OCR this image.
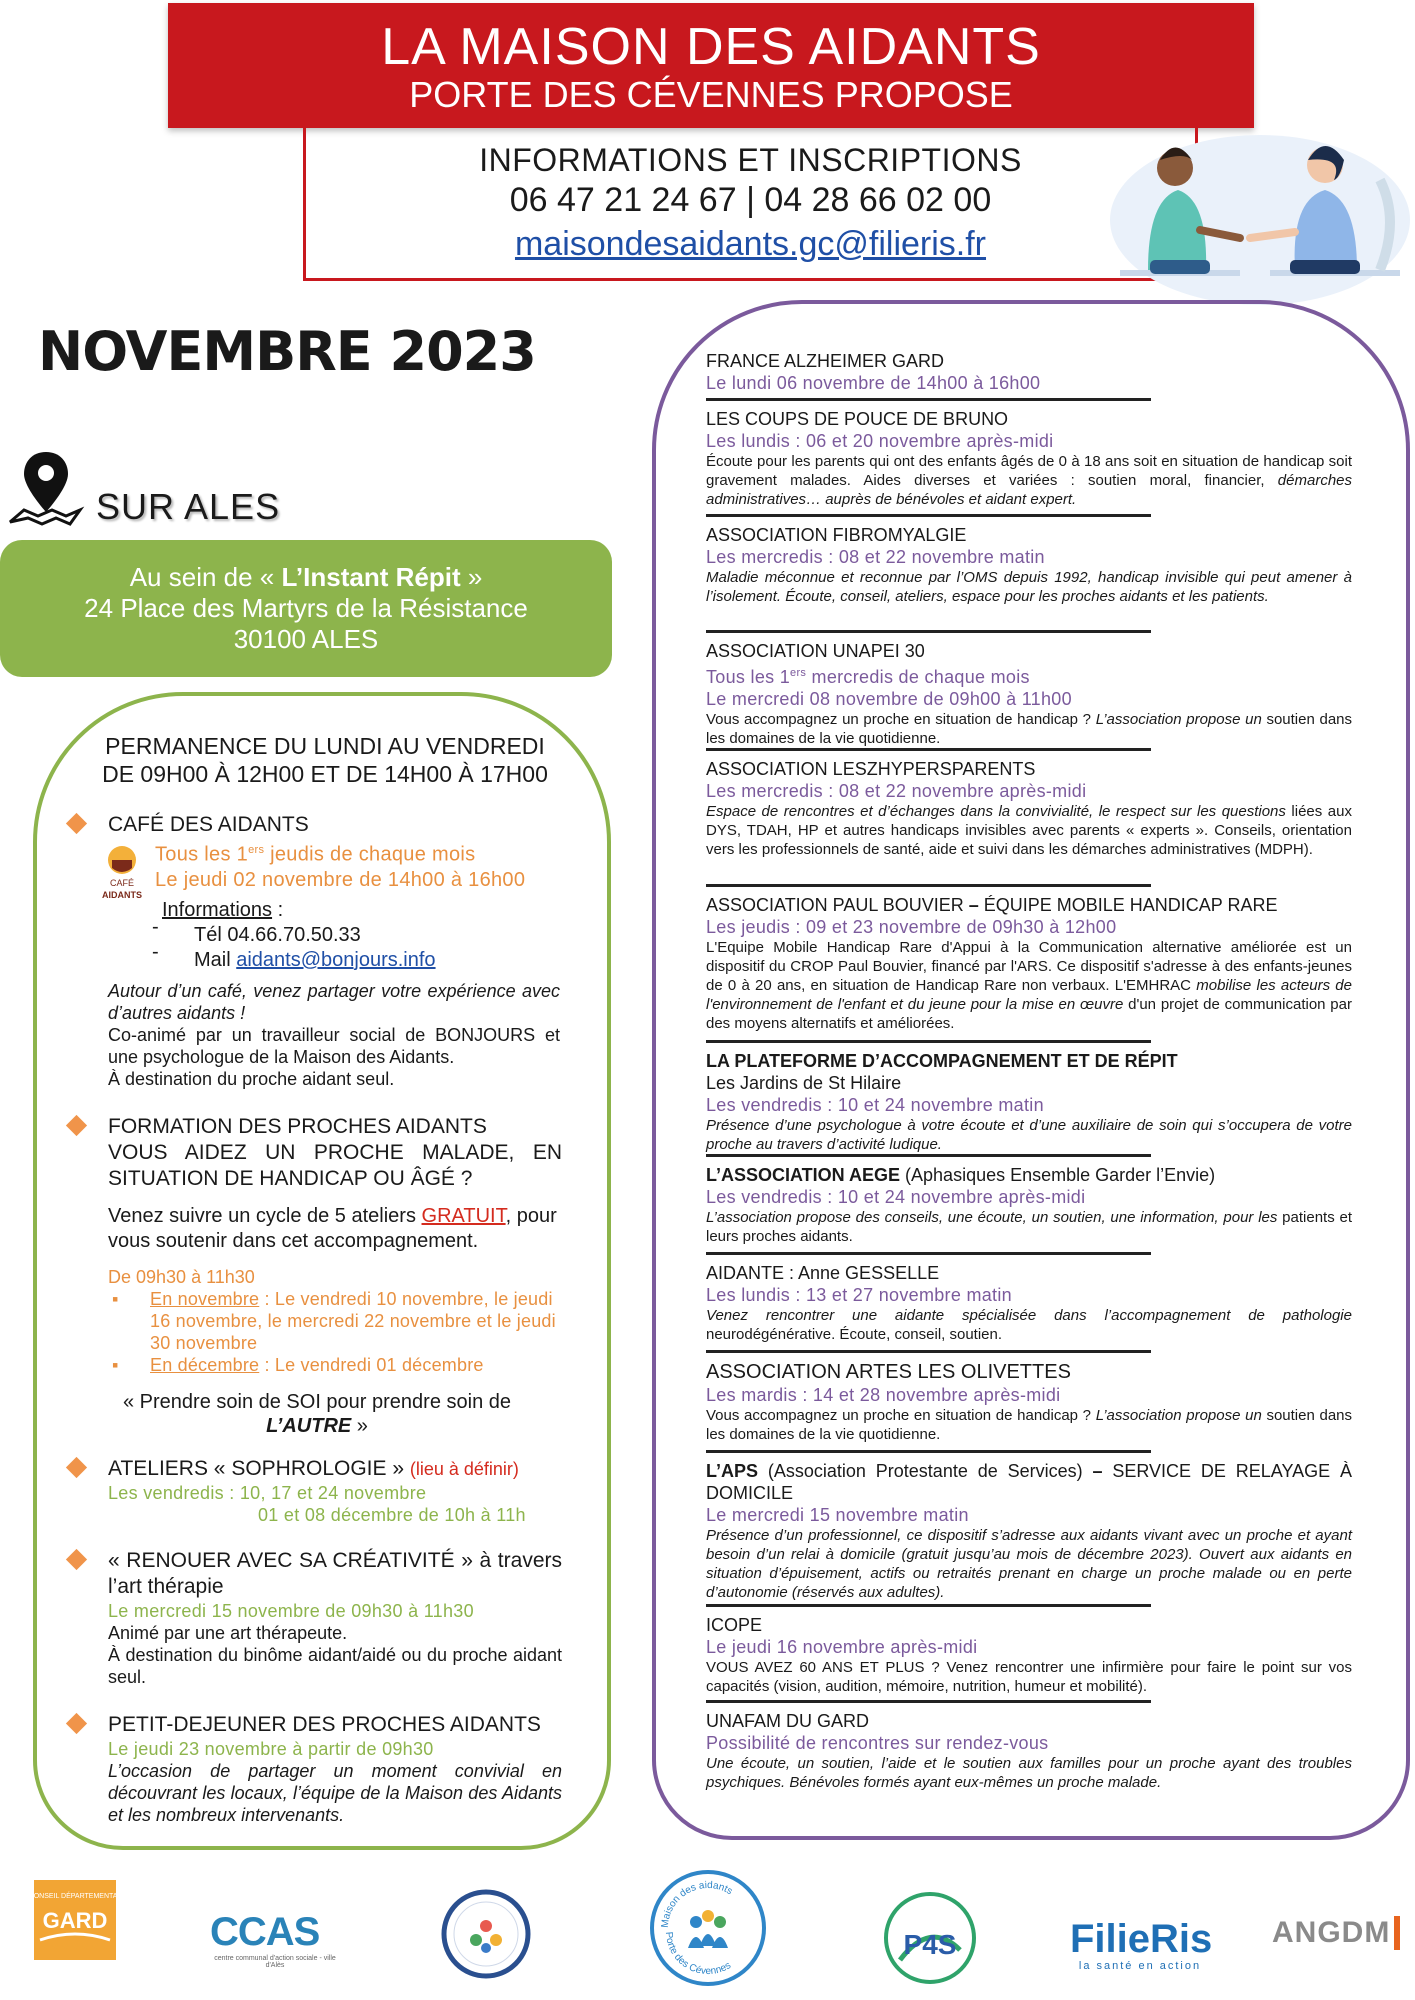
LA MAISON DES AIDANTS
PORTE DES CÉVENNES PROPOSE
INFORMATIONS ET INSCRIPTIONS
06 47 21 24 67 | 04 28 66 02 00
maisondesaidants.gc@filieris.fr
NOVEMBRE 2023
SUR ALES
Au sein de « L’Instant Répit »
24 Place des Martyrs de la Résistance
30100 ALES
PERMANENCE DU LUNDI AU VENDREDI
DE 09H00 À 12H00 ET DE 14H00 À 17H00
CAFÉ DES AIDANTS
CAFÉ
AIDANTS
Tous les 1ers jeudis de chaque mois
Le jeudi 02 novembre de 14h00 à 16h00
Informations :
- Tél 04.66.70.50.33
- Mail aidants@bonjours.info
Autour d’un café, venez partager votre expérience avec d’autres aidants !
Co-animé par un travailleur social de BONJOURS et une psychologue de la Maison des Aidants.
À destination du proche aidant seul.
FORMATION DES PROCHES AIDANTS
VOUS AIDEZ UN PROCHE MALADE, EN SITUATION DE HANDICAP OU ÂGÉ ?
Venez suivre un cycle de 5 ateliers GRATUIT, pour vous soutenir dans cet accompagnement.
De 09h30 à 11h30
▪ En novembre : Le vendredi 10 novembre, le jeudi 16 novembre, le mercredi 22 novembre et le jeudi 30 novembre
▪ En décembre : Le vendredi 01 décembre
« Prendre soin de SOI pour prendre soin de
L’AUTRE »
ATELIERS « SOPHROLOGIE » (lieu à définir)
Les vendredis : 10, 17 et 24 novembre
01 et 08 décembre de 10h à 11h
« RENOUER AVEC SA CRÉATIVITÉ » à travers l’art thérapie
Le mercredi 15 novembre de 09h30 à 11h30
Animé par une art thérapeute.
À destination du binôme aidant/aidé ou du proche aidant seul.
PETIT-DEJEUNER DES PROCHES AIDANTS
Le jeudi 23 novembre à partir de 09h30
L’occasion de partager un moment convivial en découvrant les locaux, l’équipe de la Maison des Aidants et les nombreux intervenants.
FRANCE ALZHEIMER GARD
Le lundi 06 novembre de 14h00 à 16h00
LES COUPS DE POUCE DE BRUNO
Les lundis : 06 et 20 novembre après-midi
Écoute pour les parents qui ont des enfants âgés de 0 à 18 ans soit en situation de handicap soit gravement malades. Aides diverses et variées : soutien moral, financier, démarches administratives… auprès de bénévoles et aidant expert.
ASSOCIATION FIBROMYALGIE
Les mercredis : 08 et 22 novembre matin
Maladie méconnue et reconnue par l’OMS depuis 1992, handicap invisible qui peut amener à l’isolement. Écoute, conseil, ateliers, espace pour les proches aidants et les patients.
ASSOCIATION UNAPEI 30
Tous les 1ers mercredis de chaque mois
Le mercredi 08 novembre de 09h00 à 11h00
Vous accompagnez un proche en situation de handicap ? L’association propose un soutien dans les domaines de la vie quotidienne.
ASSOCIATION LESZHYPERSPARENTS
Les mercredis : 08 et 22 novembre après-midi
Espace de rencontres et d’échanges dans la convivialité, le respect sur les questions liées aux DYS, TDAH, HP et autres handicaps invisibles avec parents « experts ». Conseils, orientation vers les professionnels de santé, aide et suivi dans les démarches administratives (MDPH).
ASSOCIATION PAUL BOUVIER – ÉQUIPE MOBILE HANDICAP RARE
Les jeudis : 09 et 23 novembre de 09h30 à 12h00
L'Equipe Mobile Handicap Rare d'Appui à la Communication alternative améliorée est un dispositif du CROP Paul Bouvier, financé par l'ARS. Ce dispositif s'adresse à des enfants-jeunes de 0 à 20 ans, en situation de Handicap Rare non verbaux. L'EMHRAC mobilise les acteurs de l'environnement de l'enfant et du jeune pour la mise en œuvre d'un projet de communication par des moyens alternatifs et améliorées.
LA PLATEFORME D’ACCOMPAGNEMENT ET DE RÉPIT
Les Jardins de St Hilaire
Les vendredis : 10 et 24 novembre matin
Présence d’une psychologue à votre écoute et d’une auxiliaire de soin qui s’occupera de votre proche au travers d’activité ludique.
L’ASSOCIATION AEGE (Aphasiques Ensemble Garder l’Envie)
Les vendredis : 10 et 24 novembre après-midi
L’association propose des conseils, une écoute, un soutien, une information, pour les patients et leurs proches aidants.
AIDANTE : Anne GESSELLE
Les lundis : 13 et 27 novembre matin
Venez rencontrer une aidante spécialisée dans l’accompagnement de pathologie neurodégénérative. Écoute, conseil, soutien.
ASSOCIATION ARTES LES OLIVETTES
Les mardis : 14 et 28 novembre après-midi
Vous accompagnez un proche en situation de handicap ? L’association propose un soutien dans les domaines de la vie quotidienne.
L’APS (Association Protestante de Services) – SERVICE DE RELAYAGE À DOMICILE
Le mercredi 15 novembre matin
Présence d’un professionnel, ce dispositif s’adresse aux aidants vivant avec un proche et ayant besoin d’un relai à domicile (gratuit jusqu’au mois de décembre 2023). Ouvert aux aidants en situation d’épuisement, actifs ou retraités prenant en charge un proche malade ou en perte d’autonomie (réservés aux adultes).
ICOPE
Le jeudi 16 novembre après-midi
VOUS AVEZ 60 ANS ET PLUS ? Venez rencontrer une infirmière pour faire le point sur vos capacités (vision, audition, mémoire, nutrition, humeur et mobilité).
UNAFAM DU GARD
Possibilité de rencontres sur rendez-vous
Une écoute, un soutien, l’aide et le soutien aux familles pour un proche ayant des troubles psychiques. Bénévoles formés ayant eux-mêmes un proche malade.
CONSEIL DÉPARTEMENTAL
GARD	CCAS
centre communal d'action sociale - ville d'Alès
Maison des aidants
Porte des Cévennes
P4S	FilieRis
la santé en action
ANGDM
